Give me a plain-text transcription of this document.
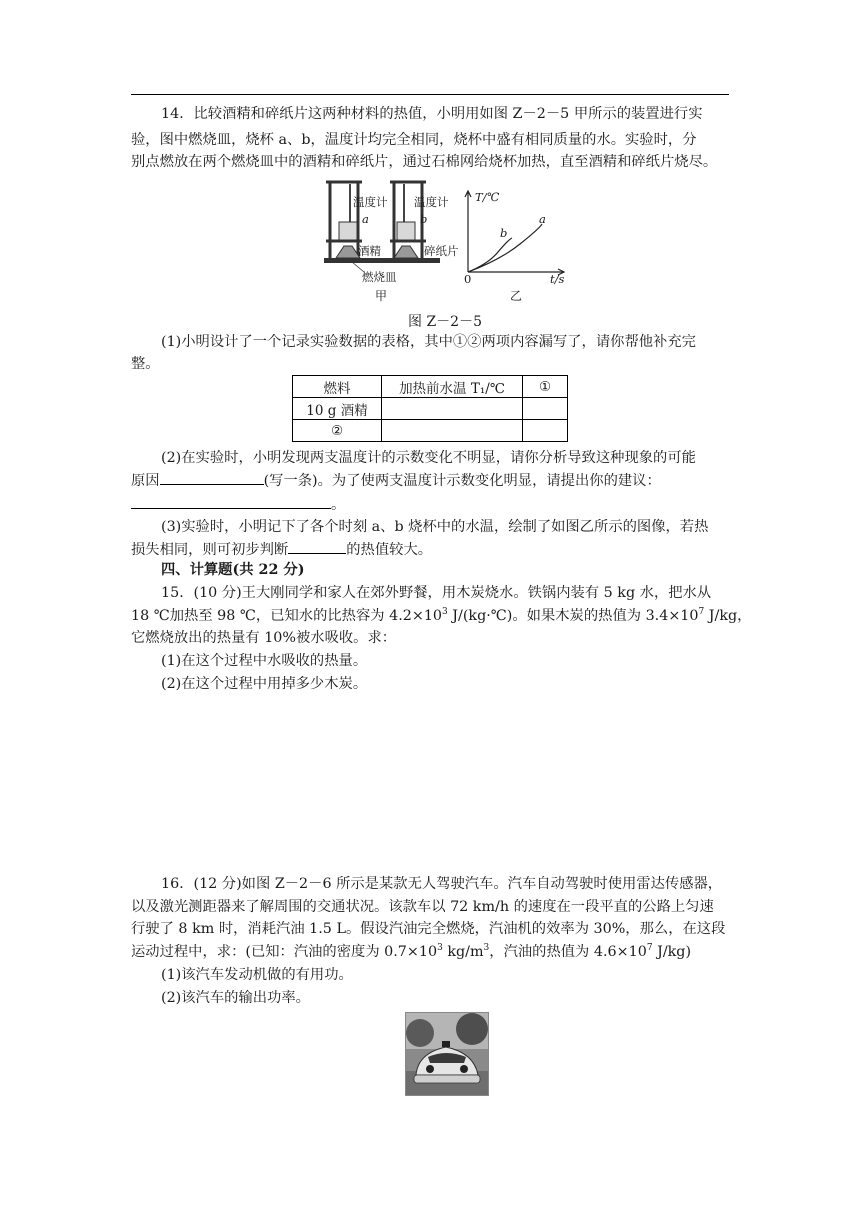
14．比较酒精和碎纸片这两种材料的热值，小明用如图 Z－2－5 甲所示的装置进行实
验，图中燃烧皿，烧杯 a、b，温度计均完全相同，烧杯中盛有相同质量的水。实验时，分
别点燃放在两个燃烧皿中的酒精和碎纸片，通过石棉网给烧杯加热，直至酒精和碎纸片烧尽。
温度计 温度计
a	b
酒精	碎纸片
燃烧皿
甲
T/℃
a
b
0	t/s
乙
图 Z－2－5
(1)小明设计了一个记录实验数据的表格，其中①②两项内容漏写了，请你帮他补充完
整。
燃料	加热前水温 T₁/℃	①
10 g 酒精		
②		
(2)在实验时，小明发现两支温度计的示数变化不明显，请你分析导致这种现象的可能
原因	(写一条)。为了使两支温度计示数变化明显，请提出你的建议：
。
(3)实验时，小明记下了各个时刻 a、b 烧杯中的水温，绘制了如图乙所示的图像，若热
损失相同，则可初步判断	的热值较大。
四、计算题(共 22 分)
15．(10 分)王大刚同学和家人在郊外野餐，用木炭烧水。铁锅内装有 5 kg 水，把水从
18 ℃加热至 98 ℃，已知水的比热容为 $4.2\times 10^3$ J/(kg·℃)。如果木炭的热值为 $3.4\times 10^7$ J/kg，
它燃烧放出的热量有 10%被水吸收。求：
(1)在这个过程中水吸收的热量。
(2)在这个过程中用掉多少木炭。
16．(12 分)如图 Z－2－6 所示是某款无人驾驶汽车。汽车自动驾驶时使用雷达传感器，
以及激光测距器来了解周围的交通状况。该款车以 72 km/h 的速度在一段平直的公路上匀速
行驶了 8 km 时，消耗汽油 1.5 L。假设汽油完全燃烧，汽油机的效率为 30%，那么，在这段
运动过程中，求：(已知：汽油的密度为 $0.7\times 10^3$ $kg/m^3$，汽油的热值为 $4.6\times 10^7$ J/kg)
(1)该汽车发动机做的有用功。
(2)该汽车的输出功率。
